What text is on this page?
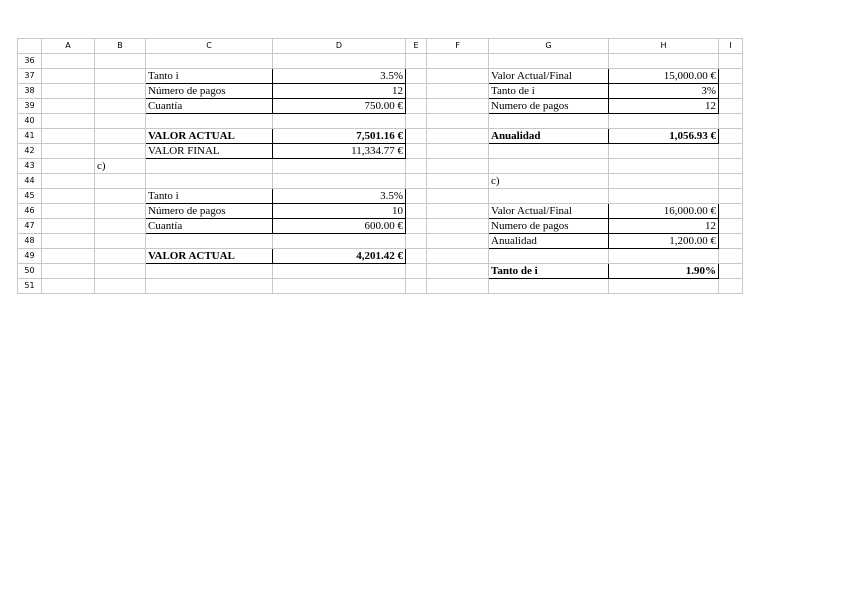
	A	B	C	D	E	F	G	H	I
36									
37			Tanto i	3.5%			Valor Actual/Final	15,000.00 €	
38			Número de pagos	12			Tanto de i	3%	
39			Cuantía	750.00 €			Numero de pagos	12	
40									
41			VALOR ACTUAL	7,501.16 €			Anualidad	1,056.93 €	
42			VALOR FINAL	11,334.77 €					
43		c)							
44							c)		
45			Tanto i	3.5%					
46			Número de pagos	10			Valor Actual/Final	16,000.00 €	
47			Cuantía	600.00 €			Numero de pagos	12	
48							Anualidad	1,200.00 €	
49			VALOR ACTUAL	4,201.42 €					
50							Tanto de i	1.90%	
51									
